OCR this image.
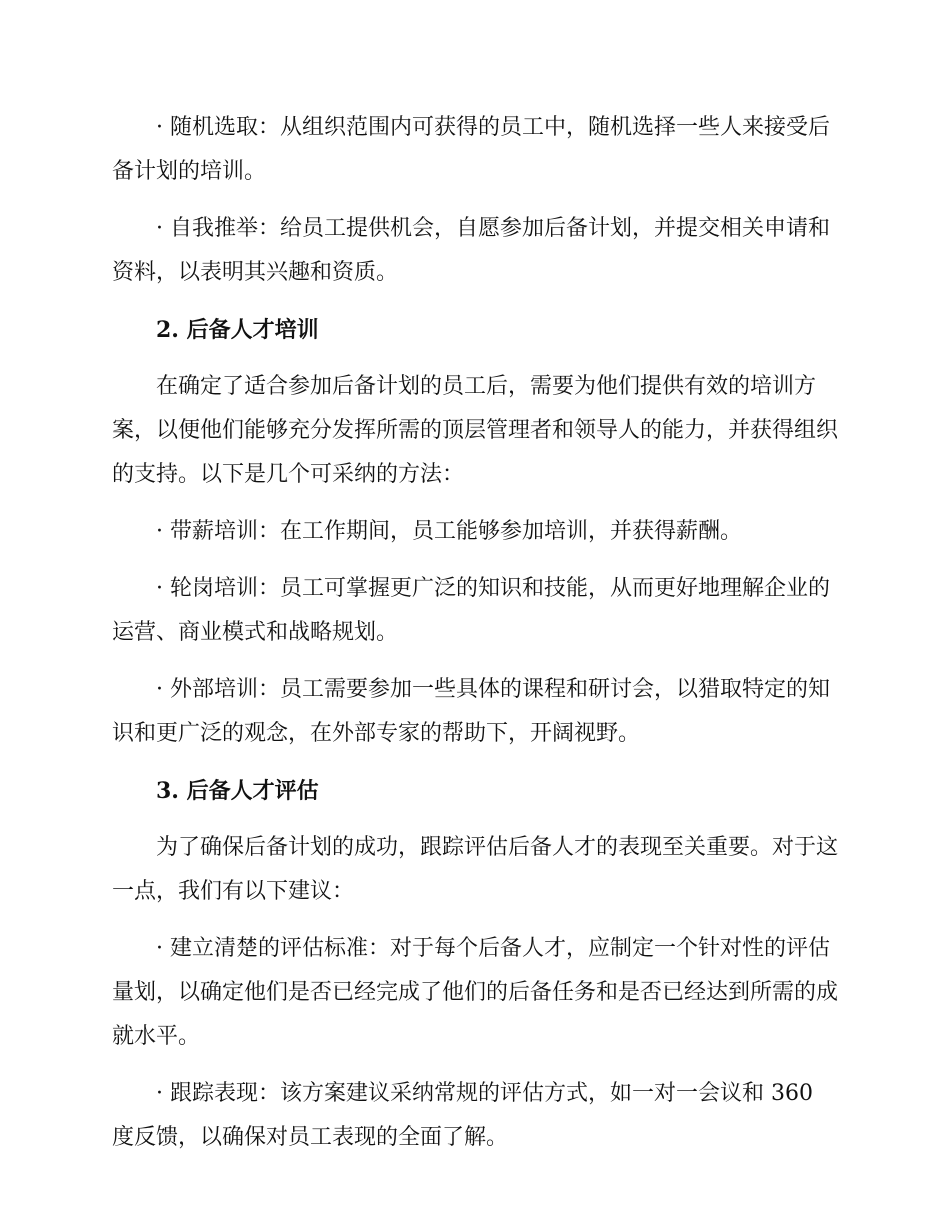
· 随机选取：从组织范围内可获得的员工中，随机选择一些人来接受后备计划的培训。

· 自我推举：给员工提供机会，自愿参加后备计划，并提交相关申请和资料，以表明其兴趣和资质。

2. 后备人才培训

在确定了适合参加后备计划的员工后，需要为他们提供有效的培训方案，以便他们能够充分发挥所需的顶层管理者和领导人的能力，并获得组织的支持。以下是几个可采纳的方法：

· 带薪培训：在工作期间，员工能够参加培训，并获得薪酬。

· 轮岗培训：员工可掌握更广泛的知识和技能，从而更好地理解企业的运营、商业模式和战略规划。

· 外部培训：员工需要参加一些具体的课程和研讨会，以猎取特定的知识和更广泛的观念，在外部专家的帮助下，开阔视野。

3. 后备人才评估

为了确保后备计划的成功，跟踪评估后备人才的表现至关重要。对于这一点，我们有以下建议：

· 建立清楚的评估标准：对于每个后备人才，应制定一个针对性的评估量划，以确定他们是否已经完成了他们的后备任务和是否已经达到所需的成就水平。

· 跟踪表现：该方案建议采纳常规的评估方式，如一对一会议和 360 度反馈，以确保对员工表现的全面了解。
